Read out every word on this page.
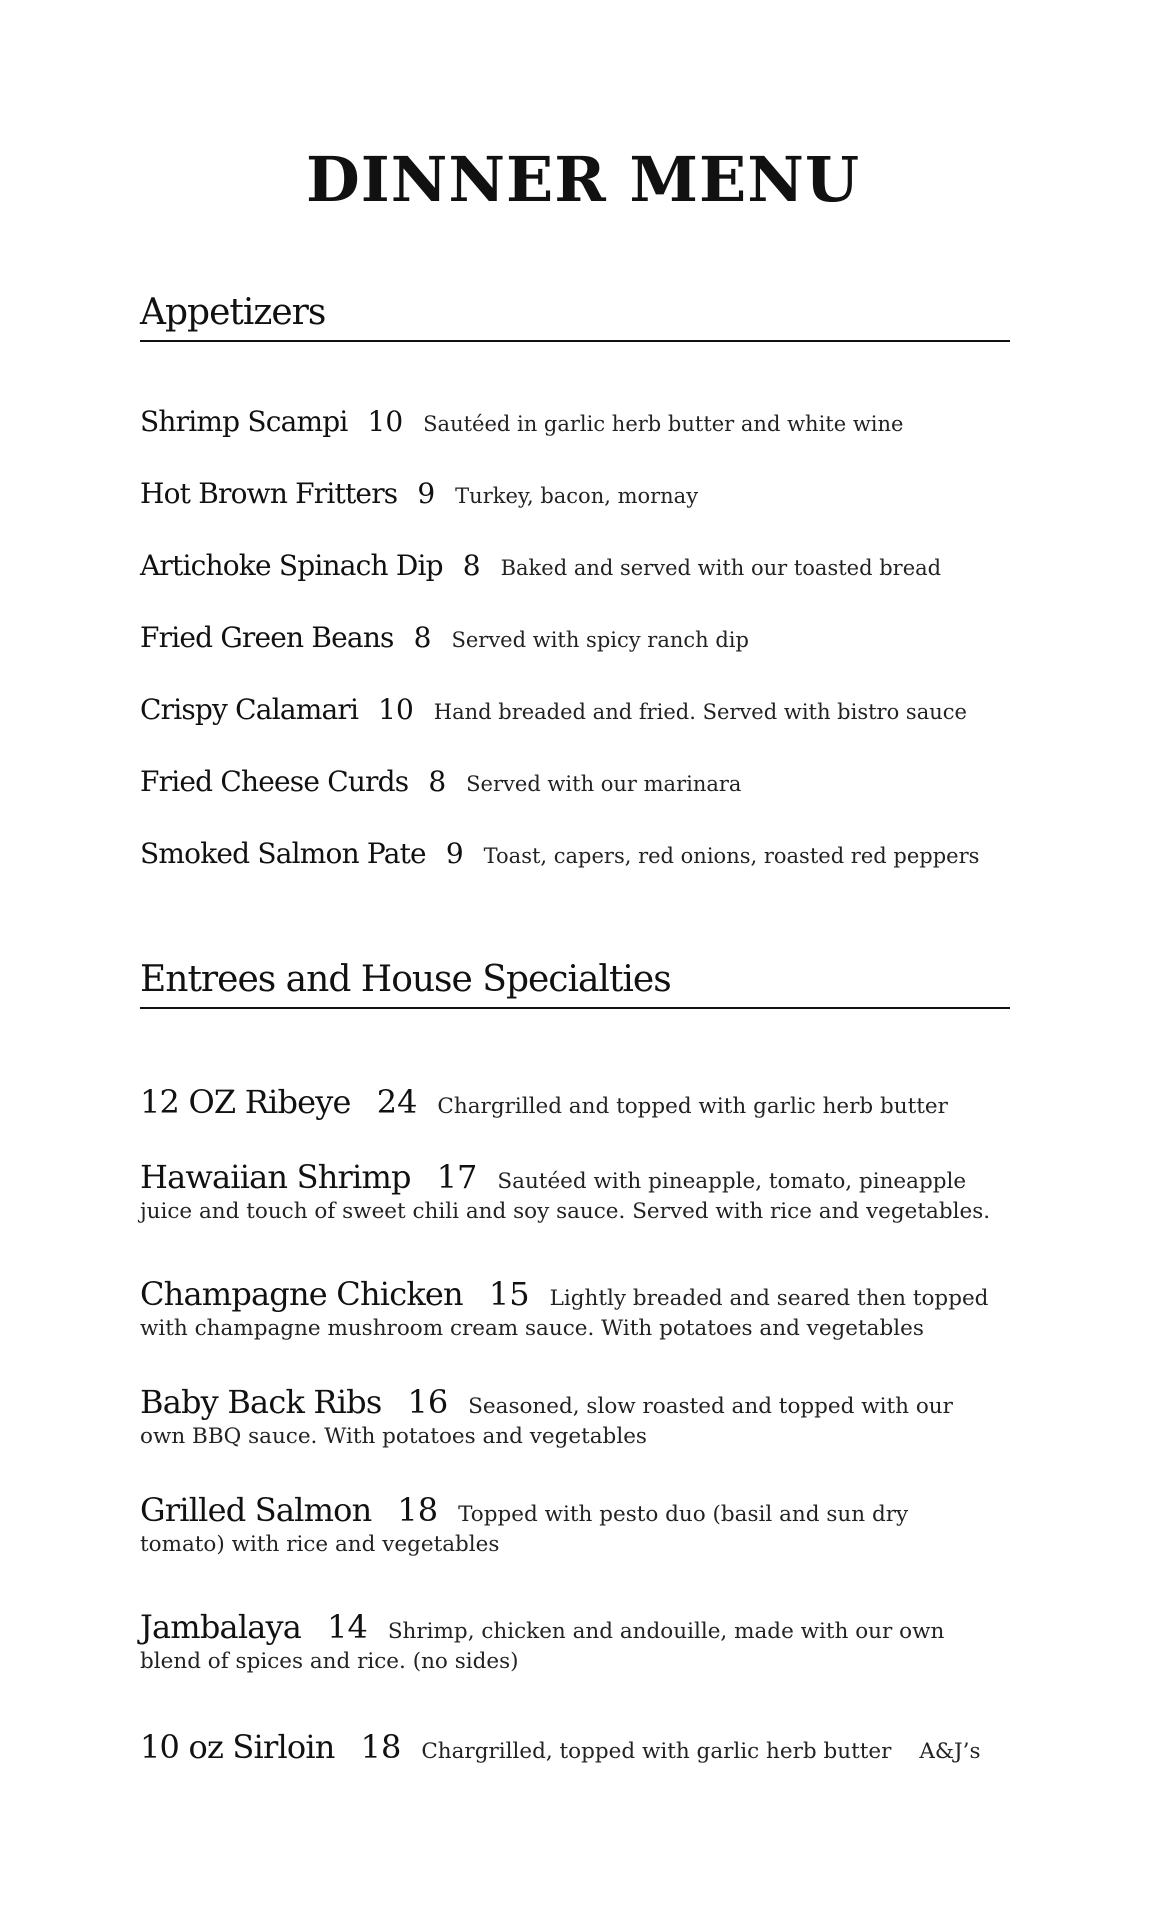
DINNER MENU
Appetizers
Shrimp Scampi 10 Sautéed in garlic herb butter and white wine
Hot Brown Fritters 9 Turkey, bacon, mornay
Artichoke Spinach Dip 8 Baked and served with our toasted bread
Fried Green Beans 8 Served with spicy ranch dip
Crispy Calamari 10 Hand breaded and fried. Served with bistro sauce
Fried Cheese Curds 8 Served with our marinara
Smoked Salmon Pate 9 Toast, capers, red onions, roasted red peppers
Entrees and House Specialties
12 OZ Ribeye 24 Chargrilled and topped with garlic herb butter
Hawaiian Shrimp 17 Sautéed with pineapple, tomato, pineapple
juice and touch of sweet chili and soy sauce. Served with rice and vegetables.
Champagne Chicken 15 Lightly breaded and seared then topped
with champagne mushroom cream sauce. With potatoes and vegetables
Baby Back Ribs 16 Seasoned, slow roasted and topped with our
own BBQ sauce. With potatoes and vegetables
Grilled Salmon 18 Topped with pesto duo (basil and sun dry
tomato) with rice and vegetables
Jambalaya 14 Shrimp, chicken and andouille, made with our own
blend of spices and rice. (no sides)
10 oz Sirloin 18 Chargrilled, topped with garlic herb butter A&J’s
